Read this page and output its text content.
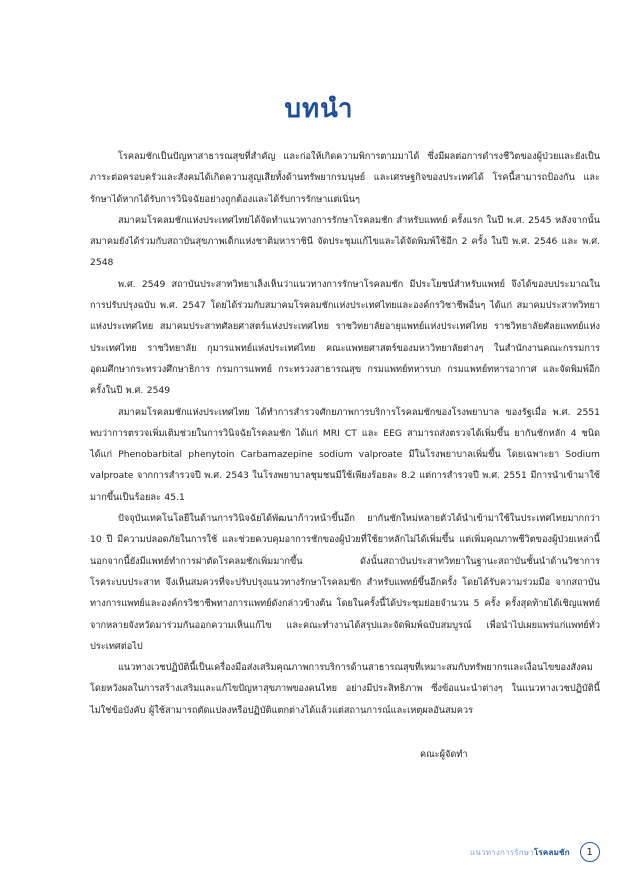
บทนำ

โรคลมชักเป็นปัญหาสาธารณสุขที่สำคัญ และก่อให้เกิดความพิการตามมาได้ ซึ่งมีผลต่อการดำรงชีวิตของผู้ป่วยและยังเป็นภาระต่อครอบครัวและสังคมได้เกิดความสูญเสียทั้งด้านทรัพยากรมนุษย์ และเศรษฐกิจของประเทศได้ โรคนี้สามารถป้องกัน และรักษาได้หากได้รับการวินิจฉัยอย่างถูกต้องและได้รับการรักษาแต่เนิ่นๆ

สมาคมโรคลมชักแห่งประเทศไทยได้จัดทำแนวทางการรักษาโรคลมชัก สำหรับแพทย์ ครั้งแรก ในปี พ.ศ. 2545 หลังจากนั้น สมาคมยังได้ร่วมกับสถาบันสุขภาพเด็กแห่งชาติมหาราชินี จัดประชุมแก้ไขและได้จัดพิมพ์ใช้อีก 2 ครั้ง ในปี พ.ศ. 2546 และ พ.ศ. 2548

พ.ศ. 2549 สถาบันประสาทวิทยาเล็งเห็นว่าแนวทางการรักษาโรคลมชัก มีประโยชน์สำหรับแพทย์ จึงได้ของบประมาณในการปรับปรุงฉบับ พ.ศ. 2547 โดยได้ร่วมกับสมาคมโรคลมชักแห่งประเทศไทยและองค์กรวิชาชีพอื่นๆ ได้แก่ สมาคมประสาทวิทยาแห่งประเทศไทย สมาคมประสาทศัลยศาสตร์แห่งประเทศไทย ราชวิทยาลัยอายุแพทย์แห่งประเทศไทย ราชวิทยาลัยศัลยแพทย์แห่งประเทศไทย ราชวิทยาลัย กุมารแพทย์แห่งประเทศไทย คณะแพทยศาสตร์ของมหาวิทยาลัยต่างๆ ในสำนักงานคณะกรรมการอุดมศึกษากระทรวงศึกษาธิการ กรมการแพทย์ กระทรวงสาธารณสุข กรมแพทย์ทหารบก กรมแพทย์ทหารอากาศ และจัดพิมพ์อีกครั้งในปี พ.ศ. 2549

สมาคมโรคลมชักแห่งประเทศไทย ได้ทำการสำรวจศักยภาพการบริการโรคลมชักของโรงพยาบาล ของรัฐเมื่อ พ.ศ. 2551 พบว่าการตรวจเพิ่มเติมช่วยในการวินิจฉัยโรคลมชัก ได้แก่ MRI CT และ EEG สามารถส่งตรวจได้เพิ่มขึ้น ยากันชักหลัก 4 ชนิด ได้แก่ Phenobarbital phenytoin Carbamazepine sodium valproate มีในโรงพยาบาลเพิ่มขึ้น โดยเฉพาะยา Sodium valproate จากการสำรวจปี พ.ศ. 2543 ในโรงพยาบาลชุมชนมีใช้เพียงร้อยละ 8.2 แต่การสำรวจปี พ.ศ. 2551 มีการนำเข้ามาใช้มากขึ้นเป็นร้อยละ 45.1

ปัจจุบันเทคโนโลยีในด้านการวินิจฉัยได้พัฒนาก้าวหน้าขึ้นอีก ยากันชักใหม่หลายตัวได้นำเข้ามาใช้ในประเทศไทยมากกว่า 10 ปี มีความปลอดภัยในการใช้ และช่วยควบคุมอาการชักของผู้ป่วยที่ใช้ยาหลักไม่ได้เพิ่มขึ้น แต่เพิ่มคุณภาพชีวิตของผู้ป่วยเหล่านี้ นอกจากนี้ยังมีแพทย์ทำการผ่าตัดโรคลมชักเพิ่มมากขึ้น ดังนั้นสถาบันประสาทวิทยาในฐานะสถาบันชั้นนำด้านวิชาการโรคระบบประสาท จึงเห็นสมควรที่จะปรับปรุงแนวทางรักษาโรคลมชัก สำหรับแพทย์ขึ้นอีกครั้ง โดยได้รับความร่วมมือ จากสถาบันทางการแพทย์และองค์กรวิชาชีพทางการแพทย์ดังกล่าวข้างต้น โดยในครั้งนี้ได้ประชุมย่อยจำนวน 5 ครั้ง ครั้งสุดท้ายได้เชิญแพทย์ จากหลายจังหวัดมาร่วมกันออกความเห็นแก้ไข และคณะทำงานได้สรุปและจัดพิมพ์ฉบับสมบูรณ์ เพื่อนำไปเผยแพร่แก่แพทย์ทั่วประเทศต่อไป

แนวทางเวชปฏิบัตินี้เป็นเครื่องมือส่งเสริมคุณภาพการบริการด้านสาธารณสุขที่เหมาะสมกับทรัพยากรและเงื่อนไขของสังคม โดยหวังผลในการสร้างเสริมและแก้ไขปัญหาสุขภาพของคนไทย อย่างมีประสิทธิภาพ ซึ่งข้อแนะนำต่างๆ ในแนวทางเวชปฏิบัตินี้ไม่ใช่ข้อบังคับ ผู้ใช้สามารถตัดแปลงหรือปฏิบัติแตกต่างได้แล้วแต่สถานการณ์และเหตุผลอันสมควร

คณะผู้จัดทำ
แนวทางการรักษาโรคลมชัก	1
